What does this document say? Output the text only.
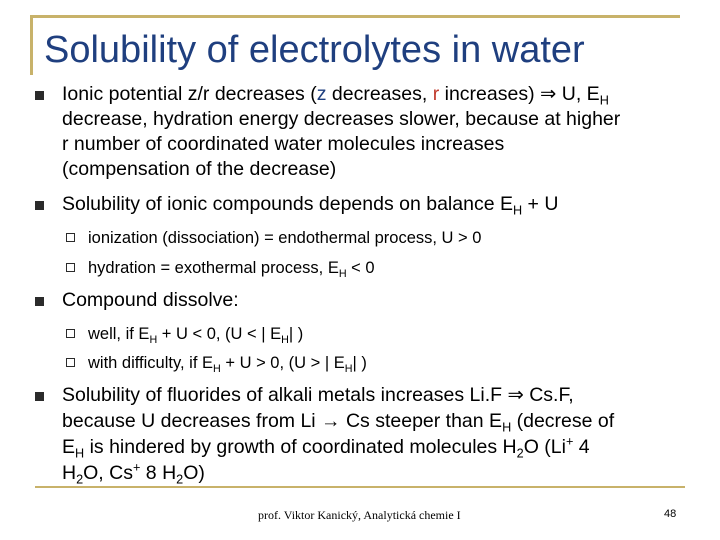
Solubility of electrolytes in water
Ionic potential z/r decreases (z decreases, r increases) ⇒ U, $E_H$
decrease, hydration energy decreases slower, because at higher
r number of coordinated water molecules increases
(compensation of the decrease)
Solubility of ionic compounds depends on balance $E_H + U$
ionization (dissociation) = endothermal process, U > 0
hydration = exothermal process, $E_H < 0$
Compound dissolve:
well, if $E_H + U < 0$, (U < | $E_H|$ )
with difficulty, if $E_H + U > 0$, (U > | $E_H|$ )
Solubility of fluorides of alkali metals increases Li.F ⇒ Cs.F,
because U decreases from Li → Cs steeper than $E_H$ (decrese of
$E_H$ is hindered by growth of coordinated molecules $H_2O$ (Li+ 4
$H_2O$, Cs+ 8 $H_2O$)
prof. Viktor Kanický, Analytická chemie I	48
